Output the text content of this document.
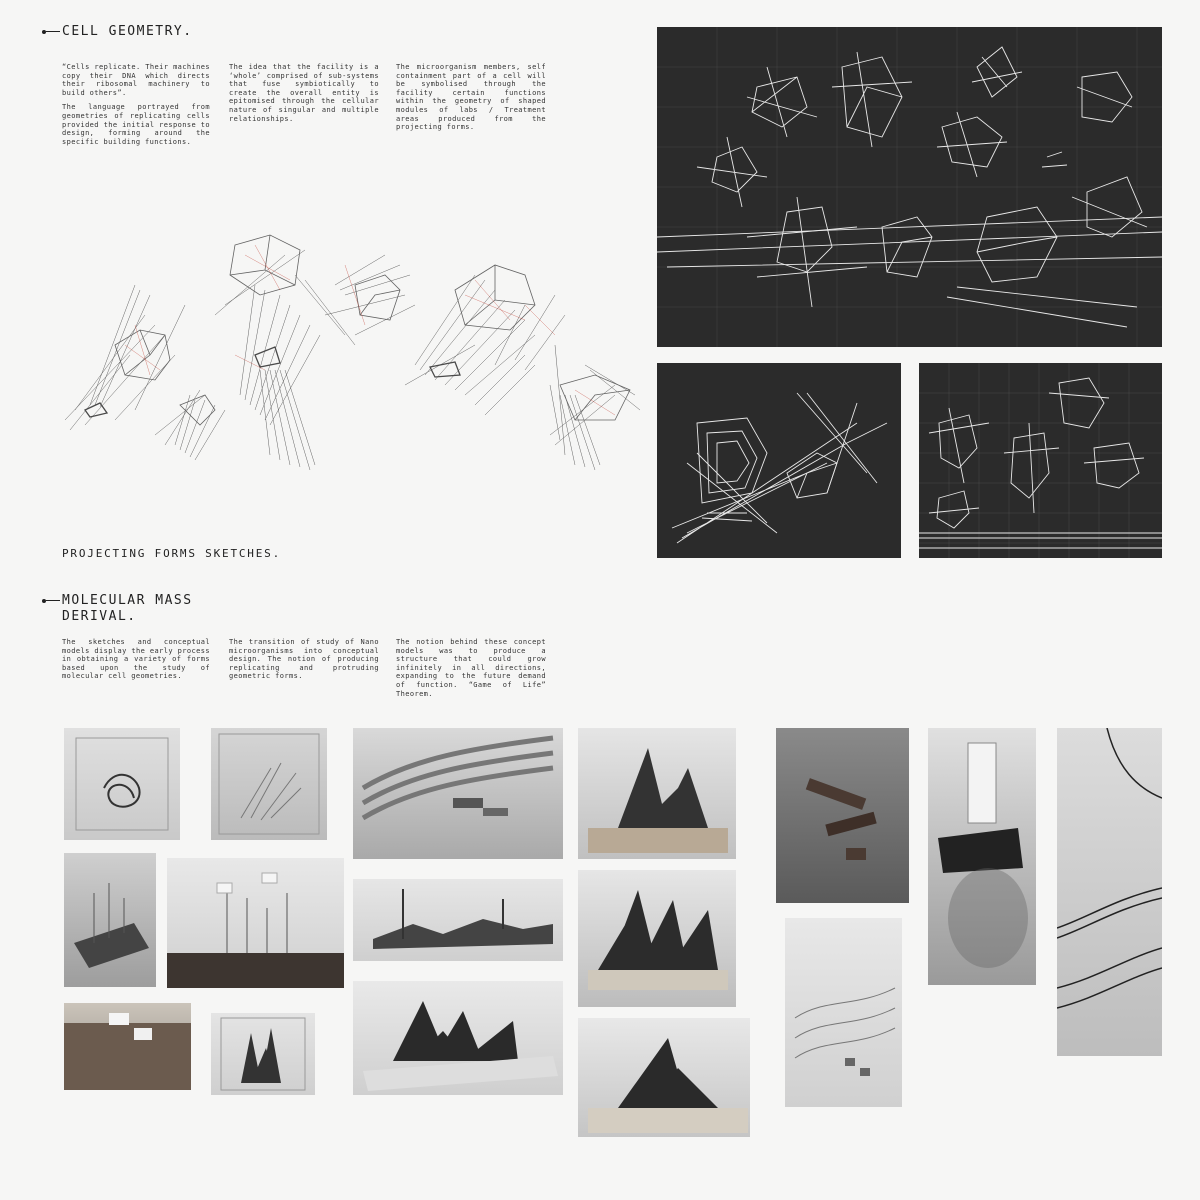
CELL GEOMETRY.

“Cells replicate. Their machines copy their DNA which directs their ribosomal machinery to build others”.

The language portrayed from geometries of replicating cells provided the initial response to design, forming around the specific building functions.

The idea that the facility is a ‘whole’ comprised of sub-systems that fuse symbiotically to create the overall entity is epitomised through the cellular nature of singular and multiple relationships.

The microorganism members, self containment part of a cell will be symbolised through the facility certain functions within the geometry of shaped modules of labs / Treatment areas produced from the projecting forms.

PROJECTING FORMS SKETCHES.
MOLECULAR MASS
DERIVAL.

The sketches and conceptual models display the early process in obtaining a variety of forms based upon the study of molecular cell geometries.

The transition of study of Nano microorganisms into conceptual design. The notion of producing replicating and protruding geometric forms.

The notion behind these concept models was to produce a structure that could grow infinitely in all directions, expanding to the future demand of function. “Game of Life” Theorem.
